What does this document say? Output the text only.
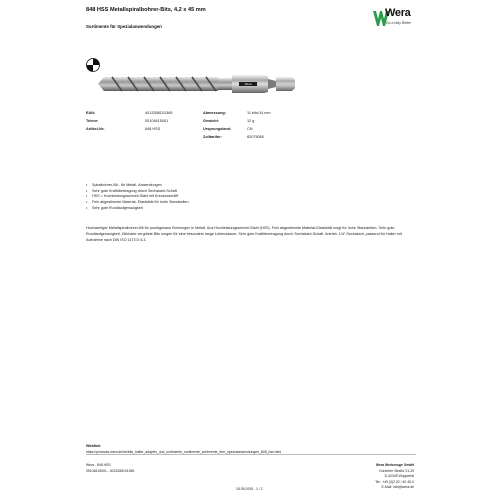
848 HSS Metallspiralbohrer-Bits, 4,2 x 45 mm
Sortimente für Spezialanwendungen
Wera
Go a Way Better
Wera
EAN:	4013288101365
Telenr:	05104615001
Artikel-Nr:	848 HSS
Abmessung:	11 bits/14 mm
Gewicht:	12 g
Ursprungsland:	CN
Zolltarifnr:	82075060
• Spiralbohrer-Bit - für Metall- Anwendungen
• Sehr gute Kraftübertragung durch Sechskant-Schaft
• HSS = Hochleistungsschnell-Stahl mit Kreuzanschliff
• Fein abgestimmte Material- Elastizität für hohe Standzeiten
• Sehr gute Rundlaufgenauigkeit

Hochwertiger Metallspiralbohrer-Bit für punktgenaue Bohrungen in Metall. Aus Hochleistungsschnell-Stahl (HSS). Fein abgestimmte Material-Elastizität sorgt für hohe Standzeiten. Sehr gute Rundlaufgenauigkeit. Zähharte vergütete Bits sorgen für eine besonders lange Lebensdauer. Sehr gute Kraftübertragung durch Sechskant-Schaft. Antrieb: 1/4"-Sechskant, passend für Halter mit Aufnahme nach DIN ISO 1173 D 6,3.

Weblink
https://products.wera.de/de/bits_halter_adapter_und_sortimente_sortimente_sortimente_fuer_spezialanwendungen_848_hss.html
Wera - 848 HSS
05104615001 - 4013288101365
Wera Werkzeuge GmbH
Korzerter Straße 21-25
D-42349 Wuppertal
Tel.: +49 (0)2 02 / 40 45-0
E-Mail: info@wera.de
18.05.2005 - 1 / 2
